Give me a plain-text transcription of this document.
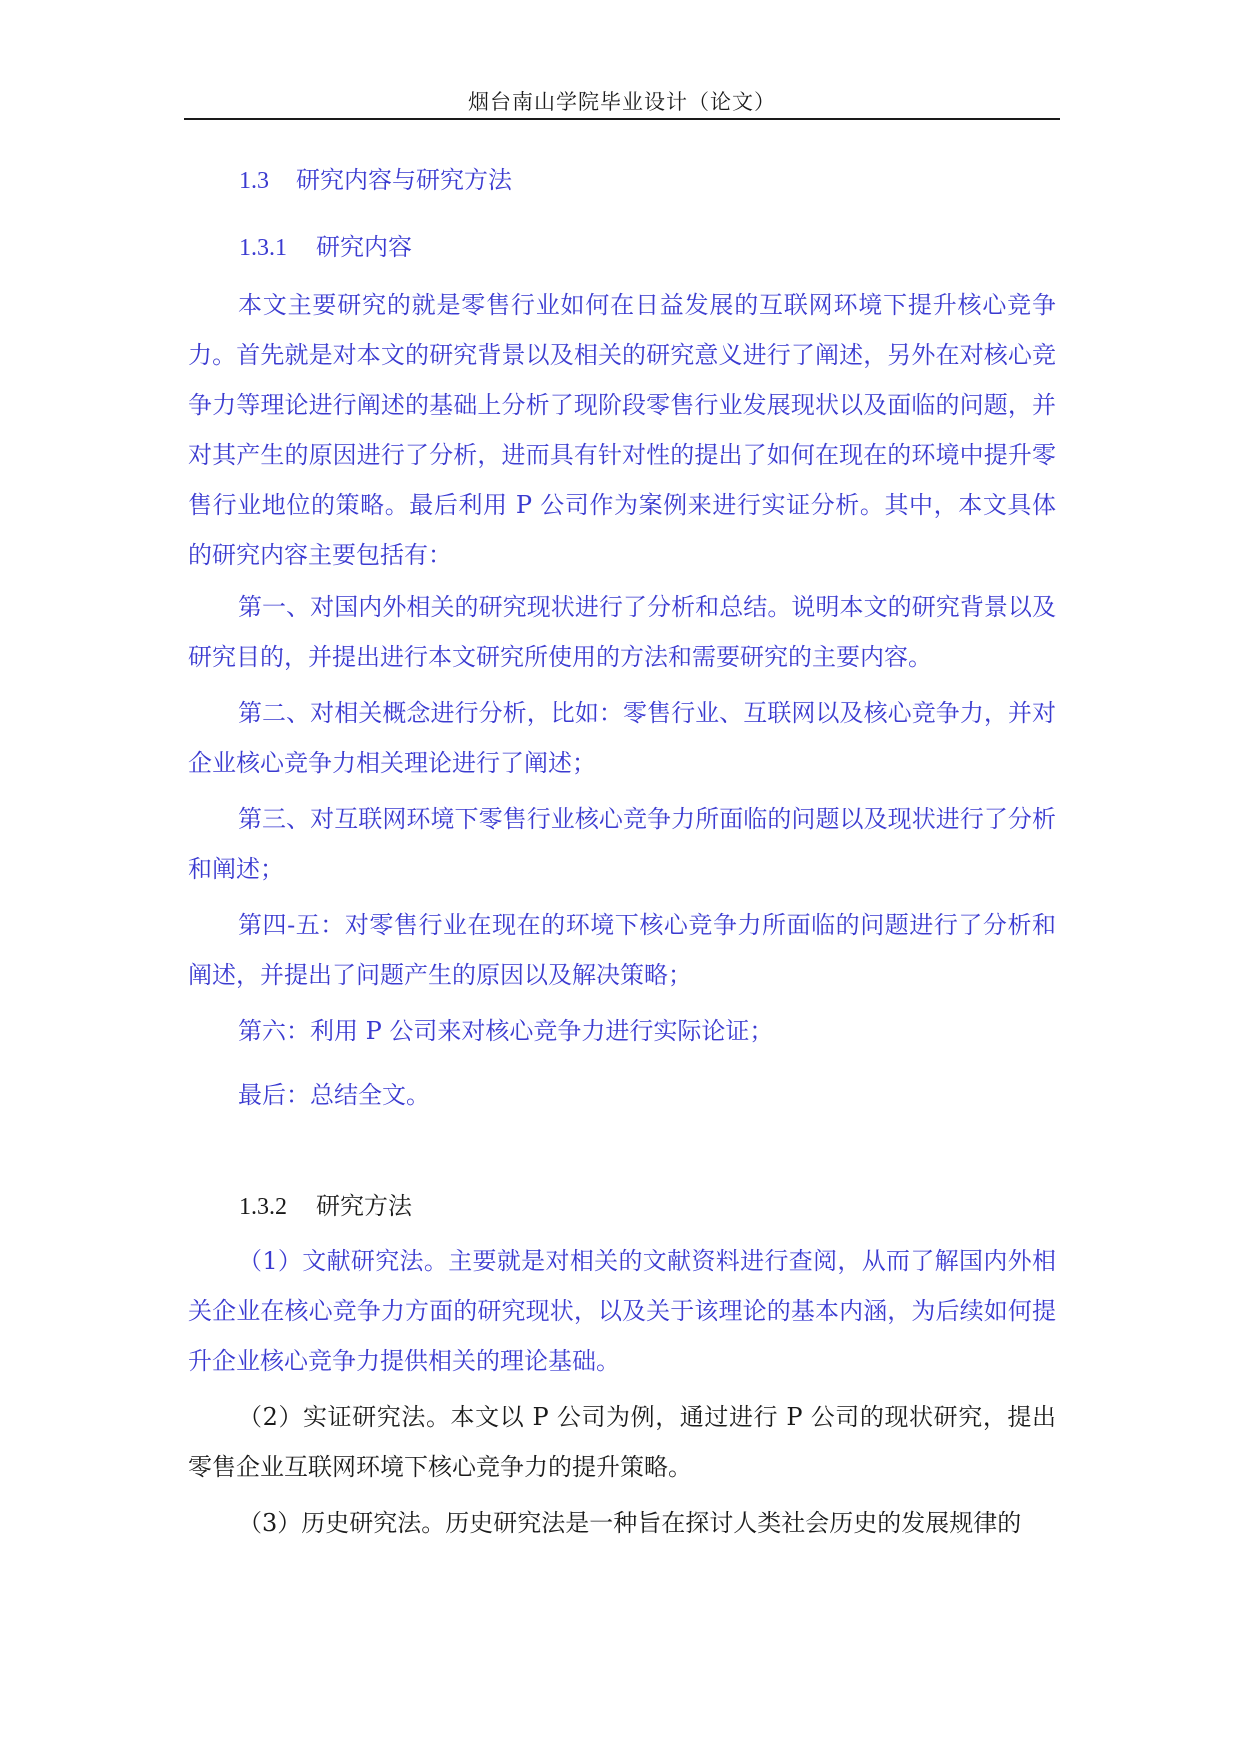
烟台南山学院毕业设计（论文）
1.3 研究内容与研究方法
1.3.1 研究内容

本文主要研究的就是零售行业如何在日益发展的互联网环境下提升核心竞争力。首先就是对本文的研究背景以及相关的研究意义进行了阐述，另外在对核心竞争力等理论进行阐述的基础上分析了现阶段零售行业发展现状以及面临的问题，并对其产生的原因进行了分析，进而具有针对性的提出了如何在现在的环境中提升零售行业地位的策略。最后利用 P 公司作为案例来进行实证分析。其中，本文具体的研究内容主要包括有：

第一、对国内外相关的研究现状进行了分析和总结。说明本文的研究背景以及研究目的，并提出进行本文研究所使用的方法和需要研究的主要内容。

第二、对相关概念进行分析，比如：零售行业、互联网以及核心竞争力，并对企业核心竞争力相关理论进行了阐述；

第三、对互联网环境下零售行业核心竞争力所面临的问题以及现状进行了分析和阐述；

第四-五：对零售行业在现在的环境下核心竞争力所面临的问题进行了分析和阐述，并提出了问题产生的原因以及解决策略；

第六：利用 P 公司来对核心竞争力进行实际论证；

最后：总结全文。

1.3.2 研究方法

（1）文献研究法。主要就是对相关的文献资料进行查阅，从而了解国内外相关企业在核心竞争力方面的研究现状，以及关于该理论的基本内涵，为后续如何提升企业核心竞争力提供相关的理论基础。

（2）实证研究法。本文以 P 公司为例，通过进行 P 公司的现状研究，提出零售企业互联网环境下核心竞争力的提升策略。

（3）历史研究法。历史研究法是一种旨在探讨人类社会历史的发展规律的
